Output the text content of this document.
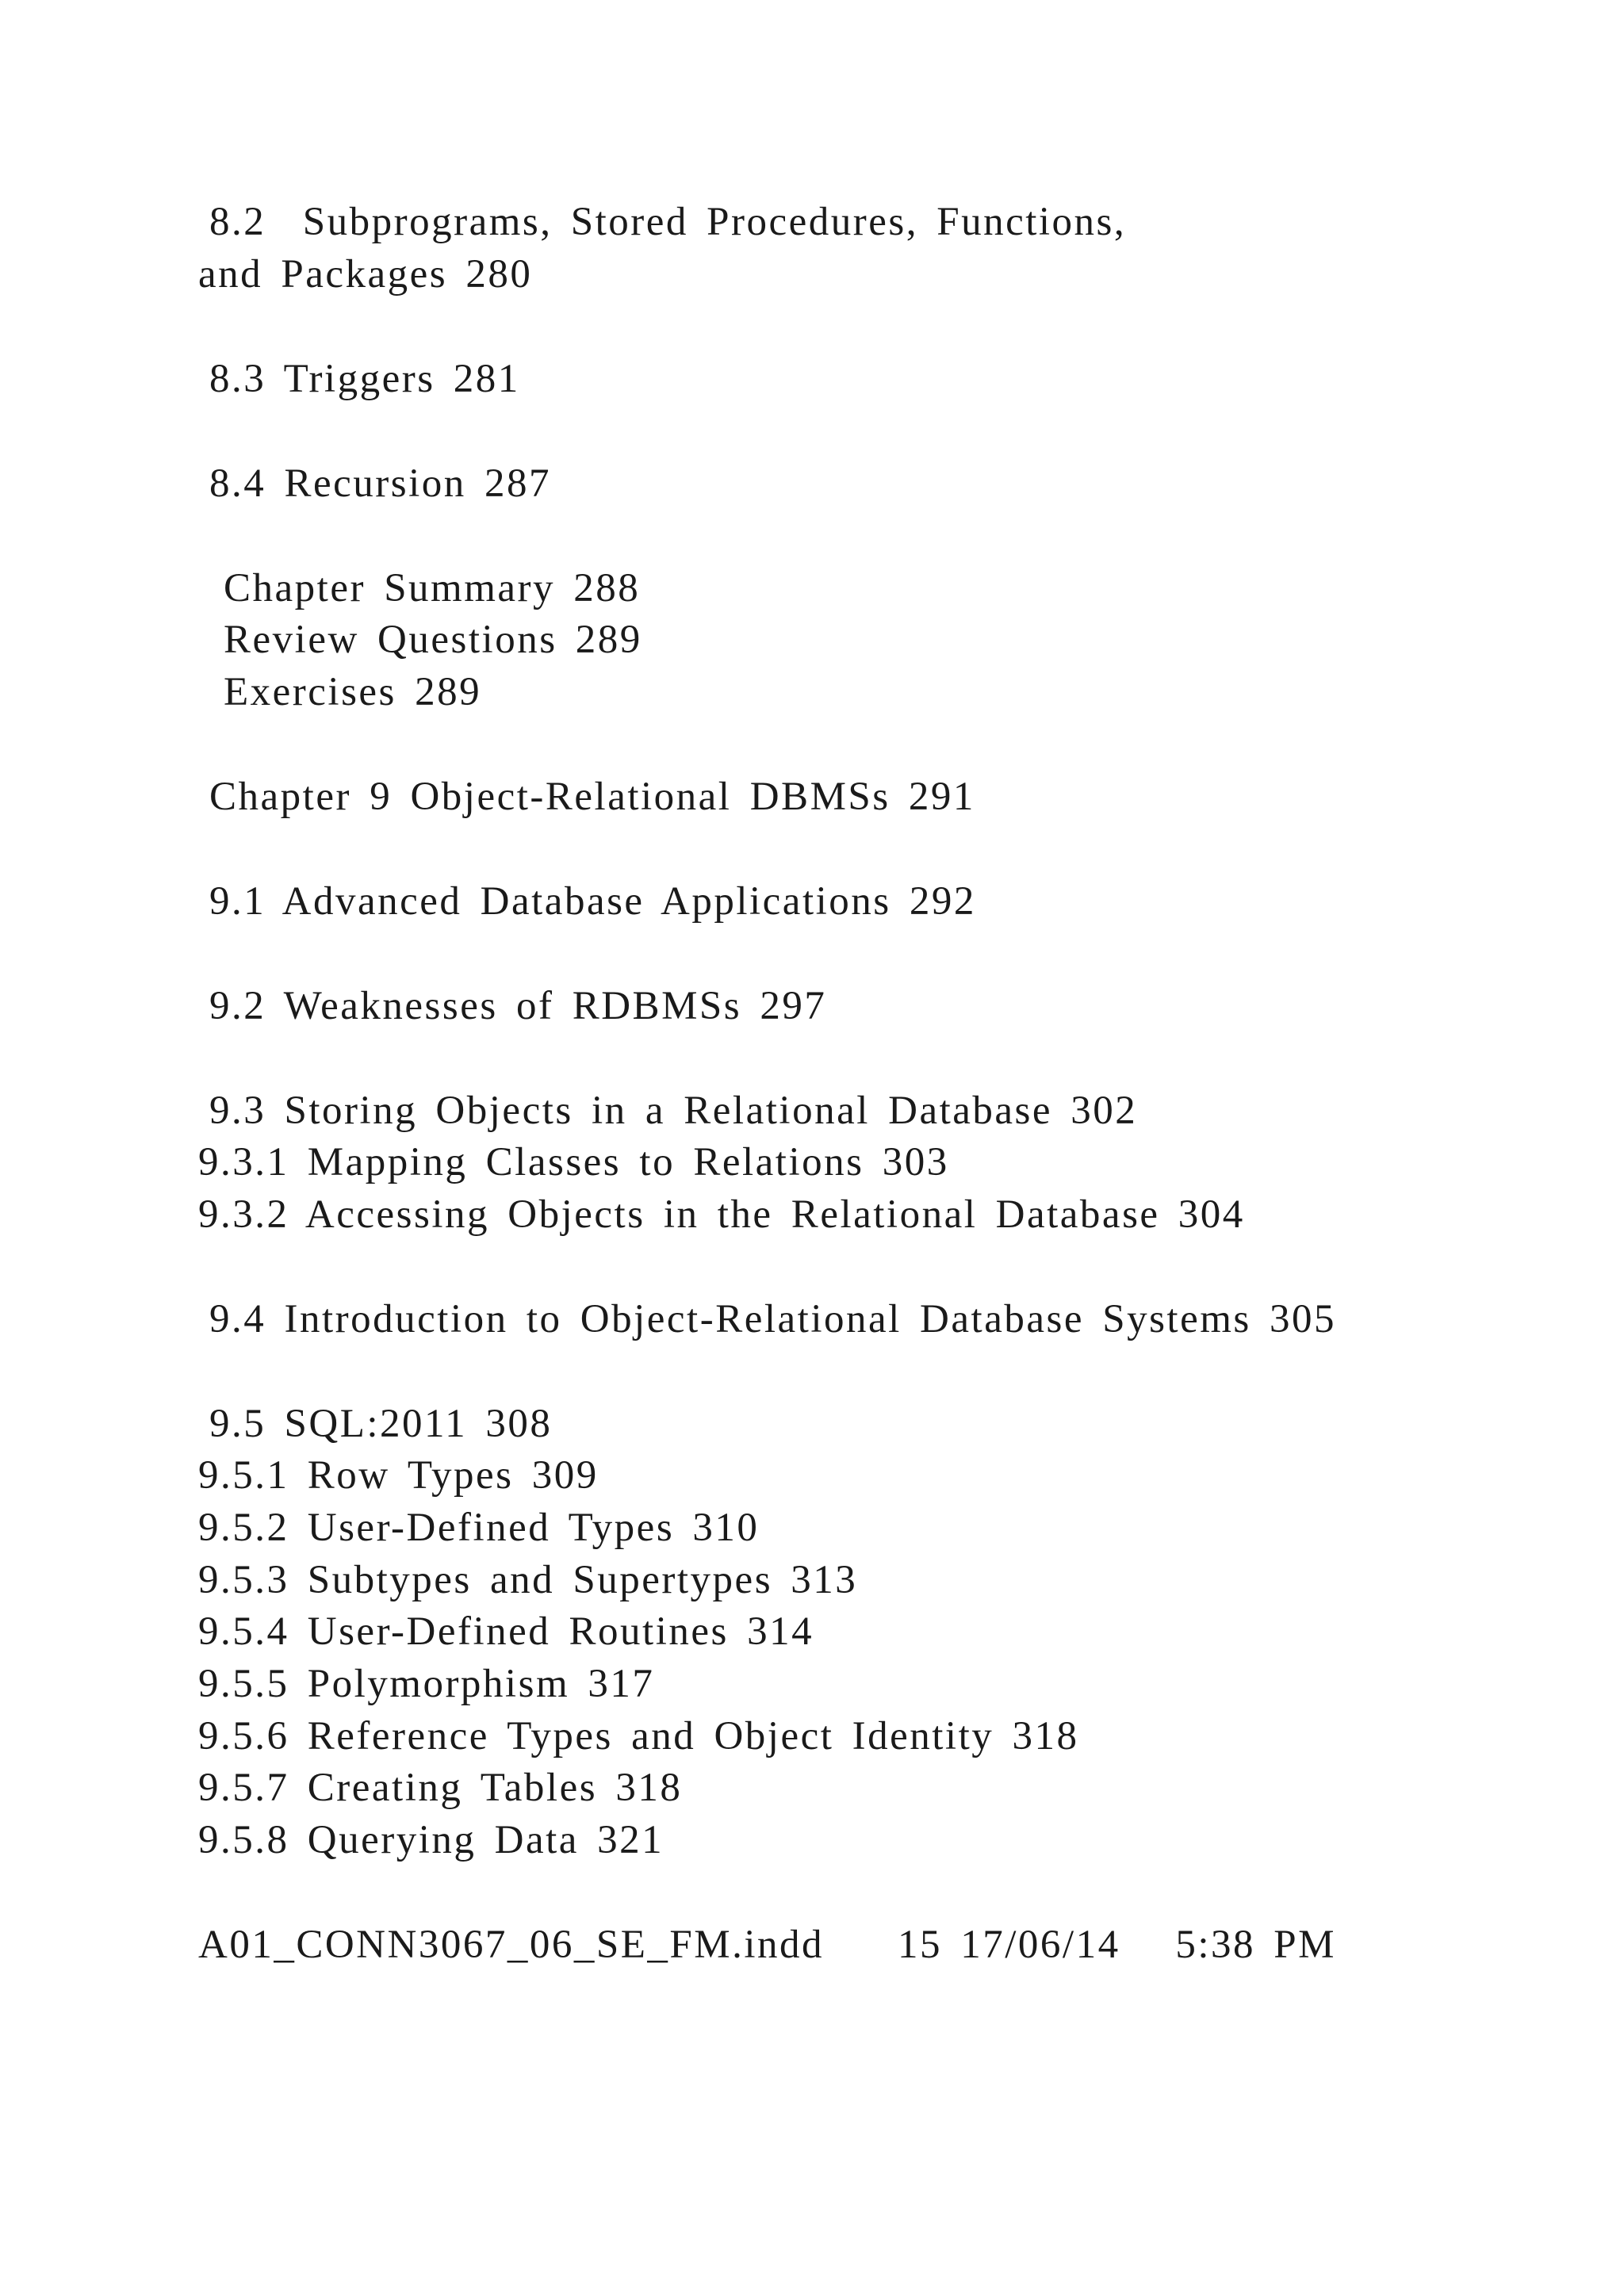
8.2  Subprograms, Stored Procedures, Functions,
and Packages 280
8.3 Triggers 281
8.4 Recursion 287
Chapter Summary 288
Review Questions 289
Exercises 289
Chapter 9 Object-Relational DBMSs 291
9.1 Advanced Database Applications 292
9.2 Weaknesses of RDBMSs 297
9.3 Storing Objects in a Relational Database 302
9.3.1 Mapping Classes to Relations 303
9.3.2 Accessing Objects in the Relational Database 304
9.4 Introduction to Object-Relational Database Systems 305
9.5 SQL:2011 308
9.5.1 Row Types 309
9.5.2 User-Defined Types 310
9.5.3 Subtypes and Supertypes 313
9.5.4 User-Defined Routines 314
9.5.5 Polymorphism 317
9.5.6 Reference Types and Object Identity 318
9.5.7 Creating Tables 318
9.5.8 Querying Data 321
A01_CONN3067_06_SE_FM.indd    15 17/06/14   5:38 PM
